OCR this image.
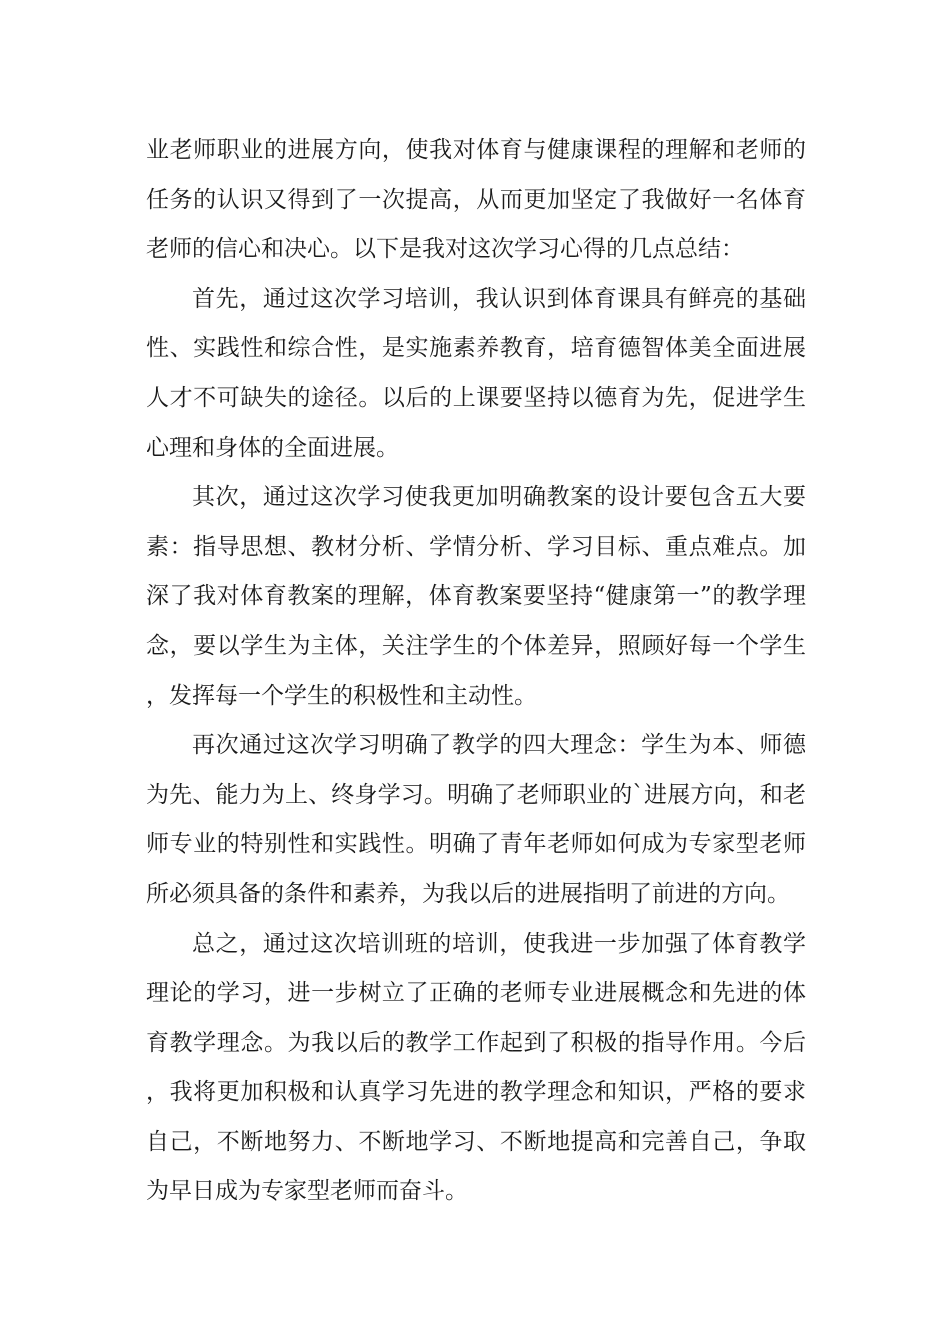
业老师职业的进展方向，使我对体育与健康课程的理解和老师的任务的认识又得到了一次提高，从而更加坚定了我做好一名体育老师的信心和决心。以下是我对这次学习心得的几点总结：

首先，通过这次学习培训，我认识到体育课具有鲜亮的基础性、实践性和综合性，是实施素养教育，培育德智体美全面进展人才不可缺失的途径。以后的上课要坚持以德育为先，促进学生心理和身体的全面进展。

其次，通过这次学习使我更加明确教案的设计要包含五大要素：指导思想、教材分析、学情分析、学习目标、重点难点。加深了我对体育教案的理解，体育教案要坚持“健康第一”的教学理念，要以学生为主体，关注学生的个体差异，照顾好每一个学生，发挥每一个学生的积极性和主动性。

再次通过这次学习明确了教学的四大理念：学生为本、师德为先、能力为上、终身学习。明确了老师职业的`进展方向，和老师专业的特别性和实践性。明确了青年老师如何成为专家型老师所必须具备的条件和素养，为我以后的进展指明了前进的方向。

总之，通过这次培训班的培训，使我进一步加强了体育教学理论的学习，进一步树立了正确的老师专业进展概念和先进的体育教学理念。为我以后的教学工作起到了积极的指导作用。今后，我将更加积极和认真学习先进的教学理念和知识，严格的要求自己，不断地努力、不断地学习、不断地提高和完善自己，争取为早日成为专家型老师而奋斗。
